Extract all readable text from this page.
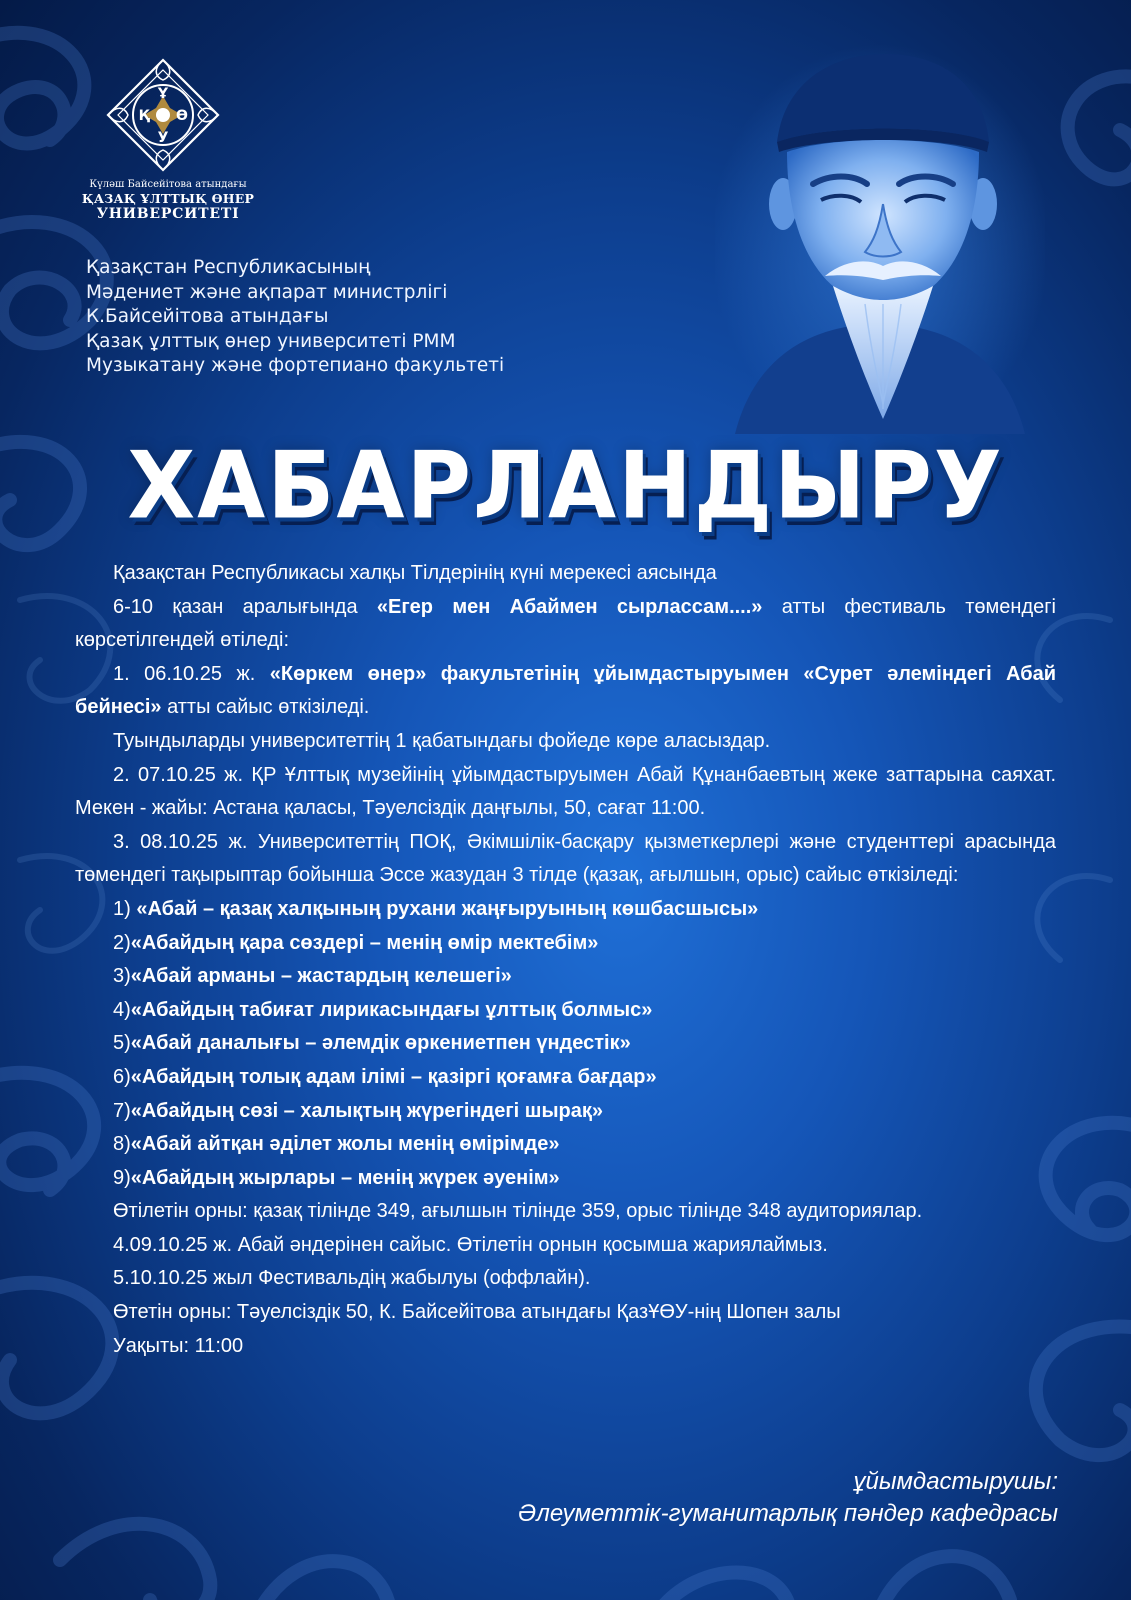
Ұ
Қ Ө
У
Күләш Байсейітова атындағы
ҚАЗАҚ ҰЛТТЫҚ ӨНЕР
УНИВЕРСИТЕТІ
Қазақстан Республикасының
Мәдениет және ақпарат министрлігі
К.Байсейітова атындағы
Қазақ ұлттық өнер университеті РММ
Музыкатану және фортепиано факультеті
ХАБАРЛАНДЫРУ

Қазақстан Республикасы халқы Тілдерінің күні мерекесі аясында

6-10 қазан аралығында «Егер мен Абаймен сырлассам....» атты фестиваль төмендегі көрсетілгендей өтіледі:

1. 06.10.25 ж. «Көркем өнер» факультетінің ұйымдастыруымен «Сурет әлеміндегі Абай бейнесі» атты сайыс өткізіледі.

Туындыларды университеттің 1 қабатындағы фойеде көре аласыздар.

2. 07.10.25 ж. ҚР Ұлттық музейінің ұйымдастыруымен Абай Құнанбаевтың жеке заттарына саяхат. Мекен - жайы: Астана қаласы, Тәуелсіздік даңғылы, 50, сағат 11:00.

3. 08.10.25 ж. Университеттің ПОҚ, Әкімшілік-басқару қызметкерлері және студенттері арасында төмендегі тақырыптар бойынша Эссе жазудан 3 тілде (қазақ, ағылшын, орыс) сайыс өткізіледі:

1) «Абай – қазақ халқының рухани жаңғыруының көшбасшысы»

2)«Абайдың қара сөздері – менің өмір мектебім»

3)«Абай арманы – жастардың келешегі»

4)«Абайдың табиғат лирикасындағы ұлттық болмыс»

5)«Абай даналығы – әлемдік өркениетпен үндестік»

6)«Абайдың толық адам ілімі – қазіргі қоғамға бағдар»

7)«Абайдың сөзі – халықтың жүрегіндегі шырақ»

8)«Абай айтқан әділет жолы менің өмірімде»

9)«Абайдың жырлары – менің жүрек әуенім»

Өтілетін орны: қазақ тілінде 349, ағылшын тілінде 359, орыс тілінде 348 аудиториялар.

4.09.10.25 ж. Абай әндерінен сайыс. Өтілетін орнын қосымша жариялаймыз.

5.10.10.25 жыл Фестивальдің жабылуы (оффлайн).

Өтетін орны: Тәуелсіздік 50, К. Байсейітова атындағы ҚазҰӨУ-нің Шопен залы

Уақыты: 11:00

ұйымдастырушы:
Әлеуметтік-гуманитарлық пәндер кафедрасы
